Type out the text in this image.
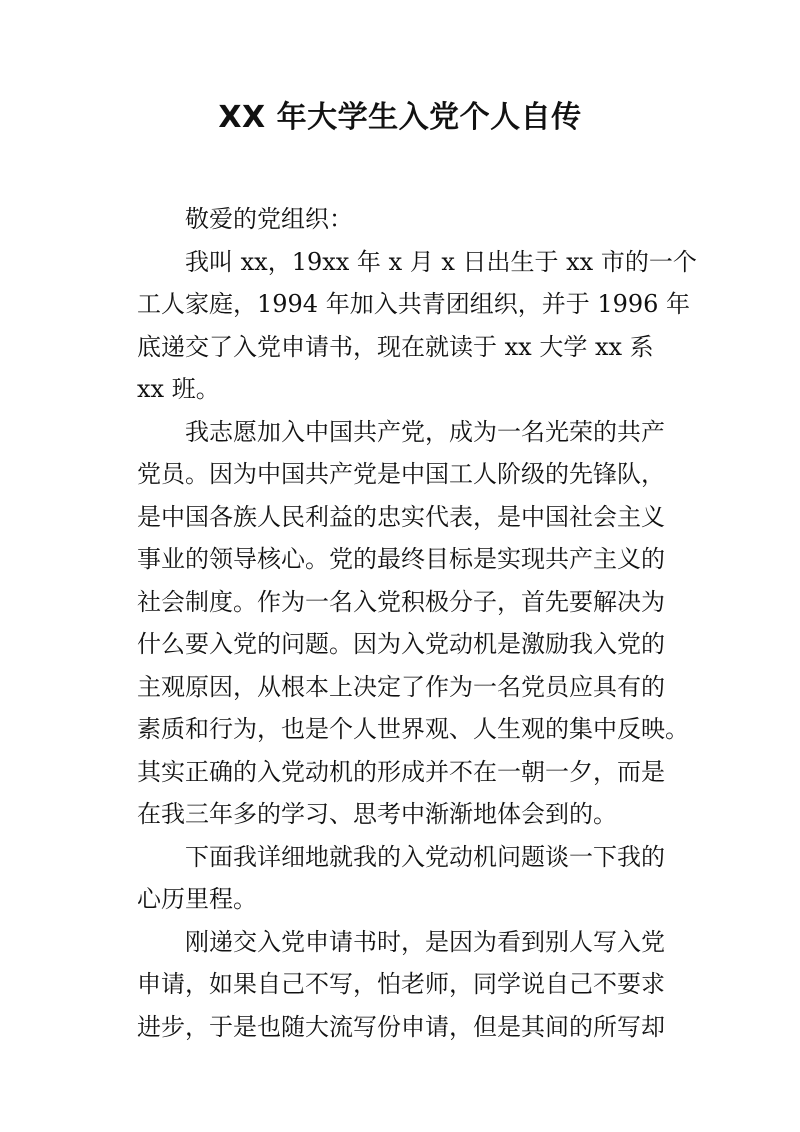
XX 年大学生入党个人自传
敬爱的党组织：
我叫 xx，19xx 年 x 月 x 日出生于 xx 市的一个
工人家庭，1994 年加入共青团组织，并于 1996 年
底递交了入党申请书，现在就读于 xx 大学 xx 系
xx 班。
我志愿加入中国共产党，成为一名光荣的共产
党员。因为中国共产党是中国工人阶级的先锋队，
是中国各族人民利益的忠实代表，是中国社会主义
事业的领导核心。党的最终目标是实现共产主义的
社会制度。作为一名入党积极分子，首先要解决为
什么要入党的问题。因为入党动机是激励我入党的
主观原因，从根本上决定了作为一名党员应具有的
素质和行为，也是个人世界观、人生观的集中反映。
其实正确的入党动机的形成并不在一朝一夕，而是
在我三年多的学习、思考中渐渐地体会到的。
下面我详细地就我的入党动机问题谈一下我的
心历里程。
刚递交入党申请书时，是因为看到别人写入党
申请，如果自己不写，怕老师，同学说自己不要求
进步，于是也随大流写份申请，但是其间的所写却
